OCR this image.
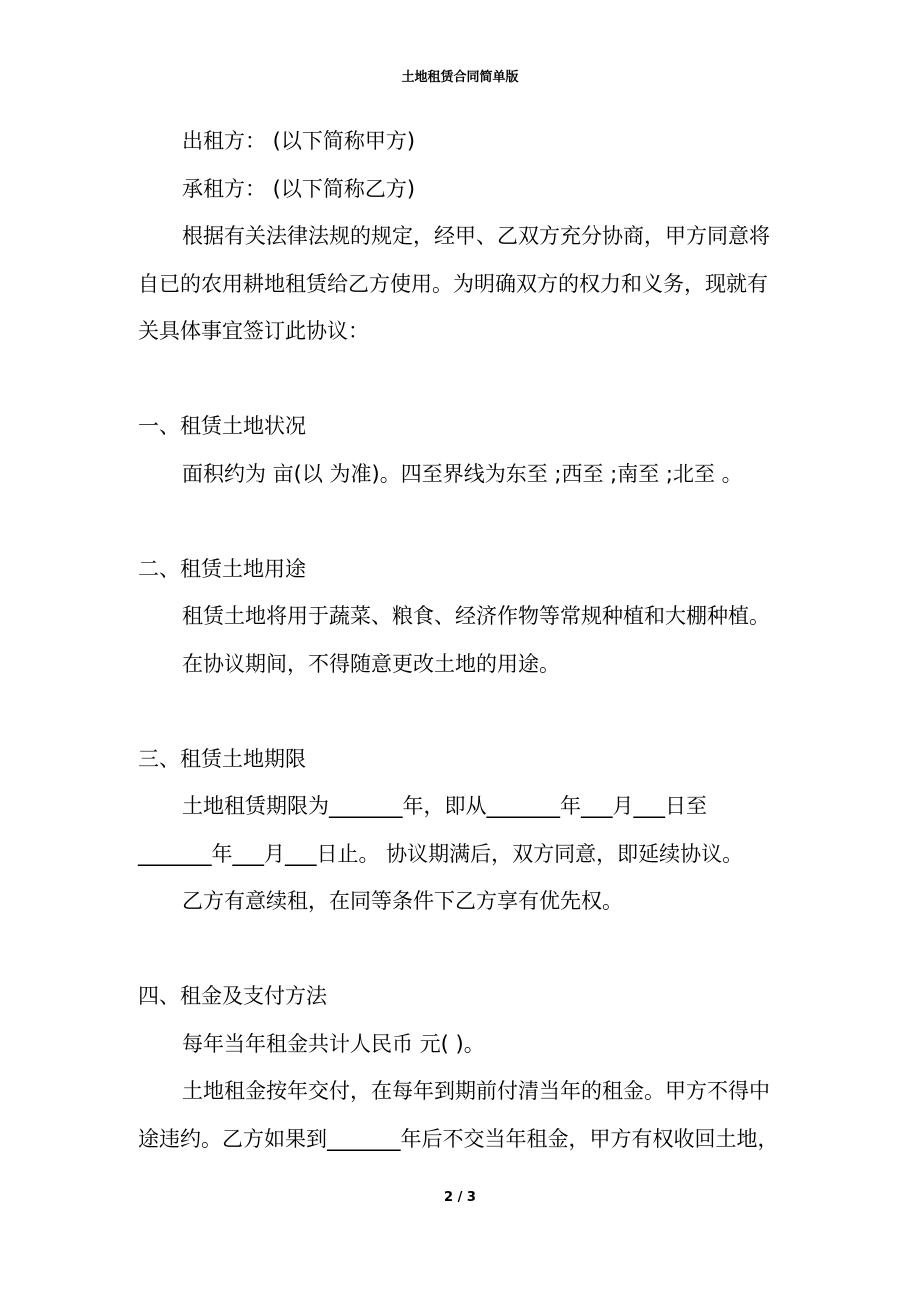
土地租赁合同简单版

出租方： (以下简称甲方)

承租方： (以下简称乙方)

根据有关法律法规的规定，经甲、乙双方充分协商，甲方同意将

自已的农用耕地租赁给乙方使用。为明确双方的权力和义务，现就有

关具体事宜签订此协议：

一、租赁土地状况

面积约为 亩(以 为准)。四至界线为东至 ;西至 ;南至 ;北至 。

二、租赁土地用途

租赁土地将用于蔬菜、粮食、经济作物等常规种植和大棚种植。

在协议期间，不得随意更改土地的用途。

三、租赁土地期限

土地租赁期限为_______年，即从_______年___月___日至

_______年___月___日止。 协议期满后，双方同意，即延续协议。

乙方有意续租，在同等条件下乙方享有优先权。

四、租金及支付方法

每年当年租金共计人民币 元( )。

土地租金按年交付，在每年到期前付清当年的租金。甲方不得中

途违约。乙方如果到_______年后不交当年租金，甲方有权收回土地，

2 / 3
